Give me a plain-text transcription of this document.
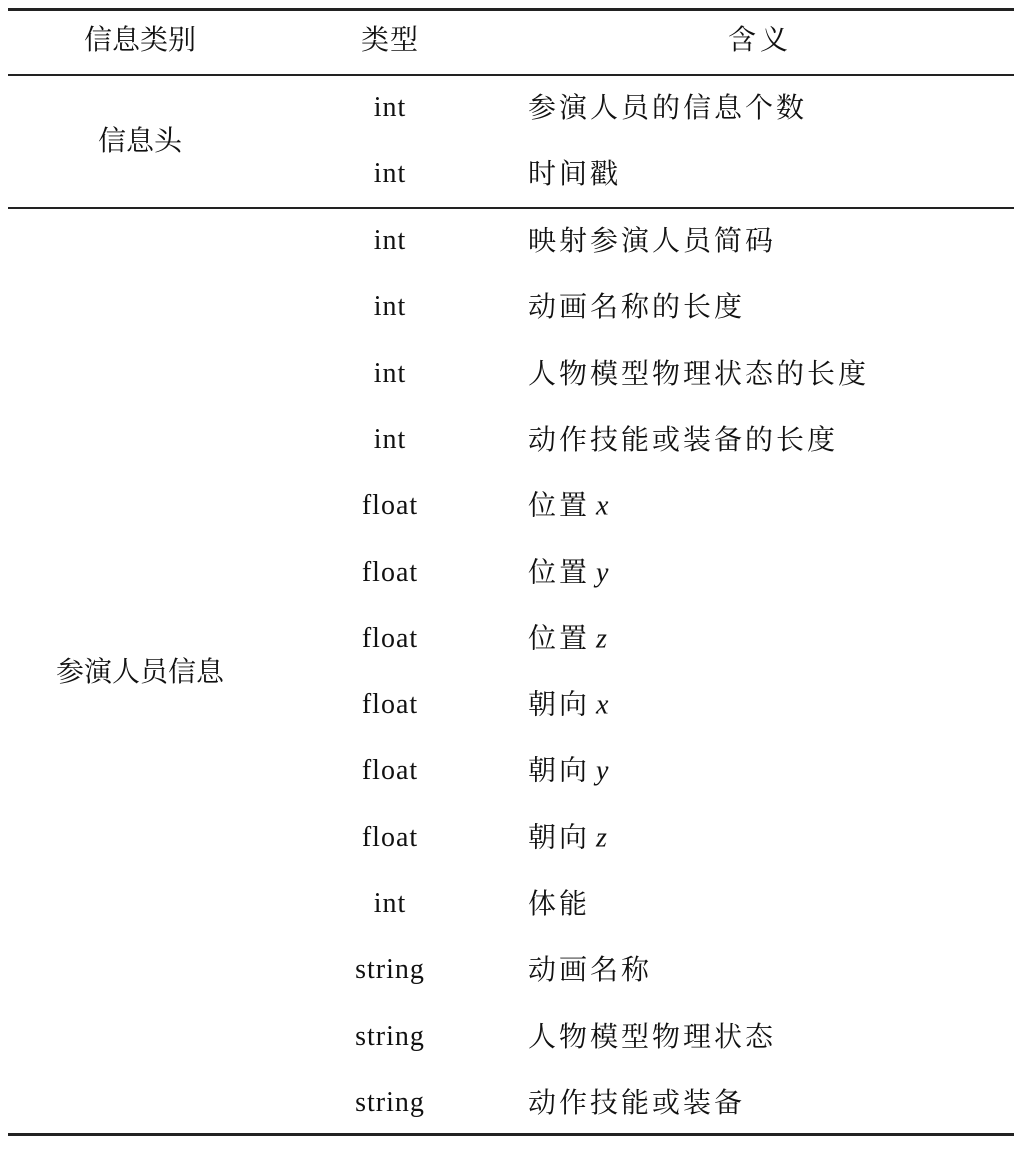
信息类别	类型	含义
信息头
int	参演人员的信息个数
int	时间戳
参演人员信息
int	映射参演人员简码
int	动画名称的长度
int	人物模型物理状态的长度
int	动作技能或装备的长度
float	位置 x
float	位置 y
float	位置 z
float	朝向 x
float	朝向 y
float	朝向 z
int	体能
string	动画名称
string	人物模型物理状态
string	动作技能或装备
